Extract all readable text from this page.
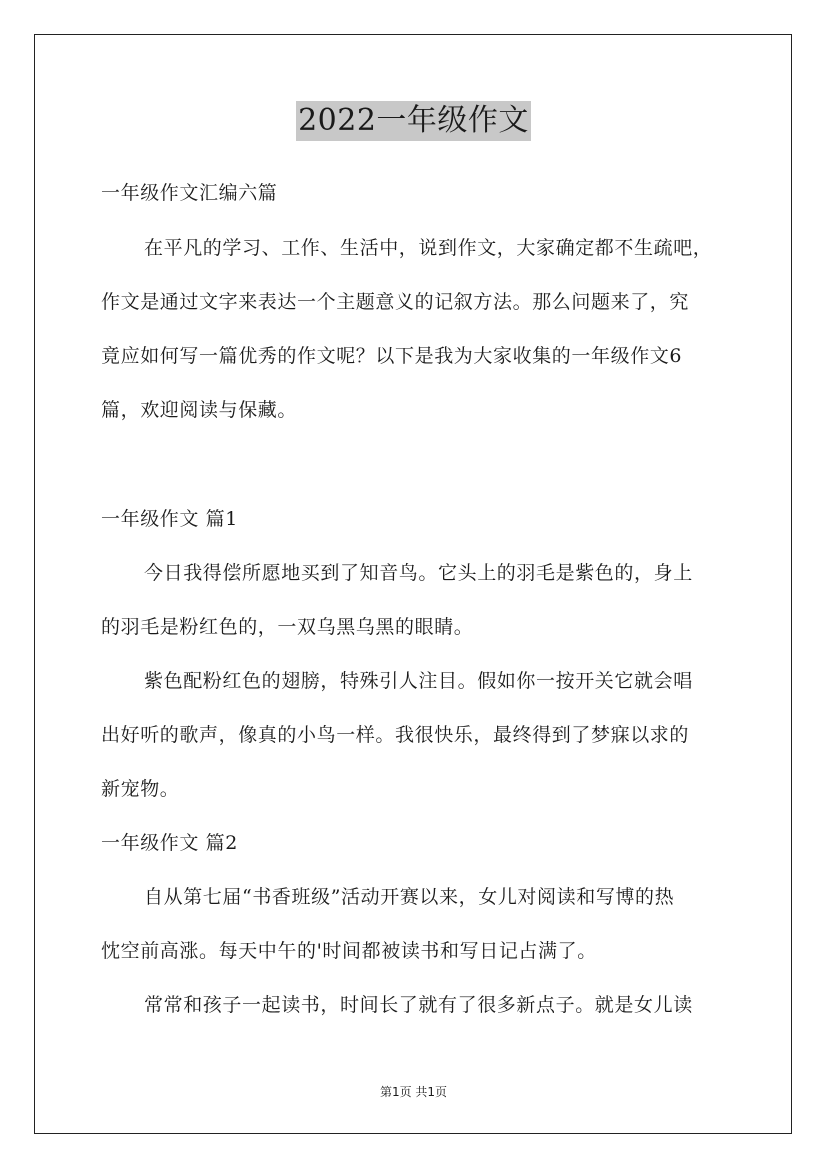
2022一年级作文
一年级作文汇编六篇
在平凡的学习、工作、生活中，说到作文，大家确定都不生疏吧，
作文是通过文字来表达一个主题意义的记叙方法。那么问题来了，究
竟应如何写一篇优秀的作文呢？以下是我为大家收集的一年级作文6
篇，欢迎阅读与保藏。
一年级作文 篇1
今日我得偿所愿地买到了知音鸟。它头上的羽毛是紫色的，身上
的羽毛是粉红色的，一双乌黑乌黑的眼睛。
紫色配粉红色的翅膀，特殊引人注目。假如你一按开关它就会唱
出好听的歌声，像真的小鸟一样。我很快乐，最终得到了梦寐以求的
新宠物。
一年级作文 篇2
自从第七届“书香班级”活动开赛以来，女儿对阅读和写博的热
忱空前高涨。每天中午的'时间都被读书和写日记占满了。
常常和孩子一起读书，时间长了就有了很多新点子。就是女儿读
第1页 共1页
